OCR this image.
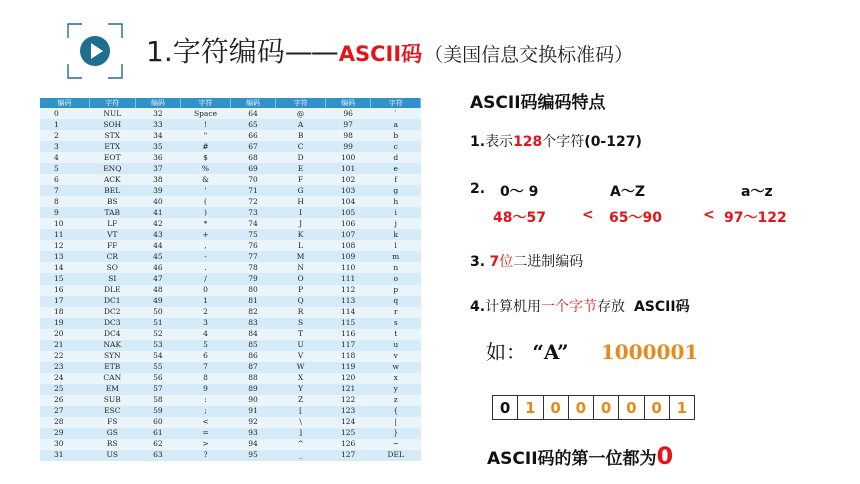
1. 字符编码 —— ASCII码 （美国信息交换标准码）
编码	字符	编码	字符	编码	字符	编码	字符
0	NUL	32	Space	64	@	96	`
1	SOH	33	!	65	A	97	a
2	STX	34	"	66	B	98	b
3	ETX	35	#	67	C	99	c
4	EOT	36	$	68	D	100	d
5	ENQ	37	%	69	E	101	e
6	ACK	38	&	70	F	102	f
7	BEL	39	'	71	G	103	g
8	BS	40	(	72	H	104	h
9	TAB	41	)	73	I	105	i
10	LF	42	*	74	J	106	j
11	VT	43	+	75	K	107	k
12	FF	44	,	76	L	108	l
13	CR	45	-	77	M	109	m
14	SO	46	.	78	N	110	n
15	SI	47	/	79	O	111	o
16	DLE	48	0	80	P	112	p
17	DC1	49	1	81	Q	113	q
18	DC2	50	2	82	R	114	r
19	DC3	51	3	83	S	115	s
20	DC4	52	4	84	T	116	t
21	NAK	53	5	85	U	117	u
22	SYN	54	6	86	V	118	v
23	ETB	55	7	87	W	119	w
24	CAN	56	8	88	X	120	x
25	EM	57	9	89	Y	121	y
26	SUB	58	:	90	Z	122	z
27	ESC	59	;	91	[	123	{
28	FS	60	<	92	\	124	|
29	GS	61	=	93	]	125	}
30	RS	62	>	94	^	126	~
31	US	63	?	95	_	127	DEL
ASCII码编码特点
1.表示128个字符(0-127)
2. 0～ 9	A～Z	a～z
48～57	< 65～90	< 97～122
3. 7位二进制编码
4.计算机用一个字节存放 ASCII码
如： “A” 1000001
0 1 0 0 0 0 0 1
ASCII码的第一位都为0
